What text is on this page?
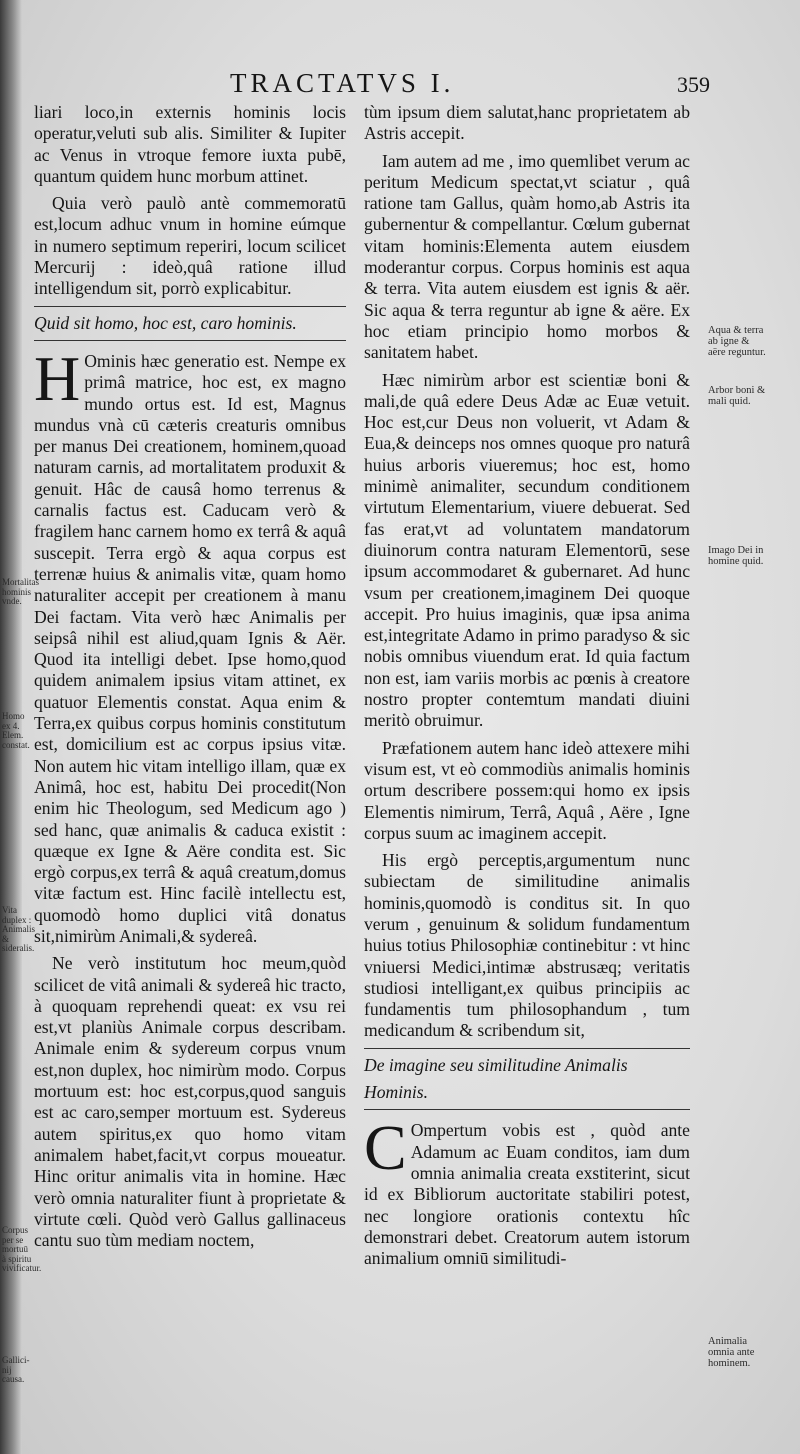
TRACTATVS I.	359

liari loco,in externis hominis locis operatur,veluti sub alis. Similiter & Iupiter ac Venus in vtroque femore iuxta pubē, quantum quidem hunc morbum attinet.

Quia verò paulò antè commemoratū est,locum adhuc vnum in homine eúmque in numero septimum reperiri, locum scilicet Mercurij : ideò,quâ ratione illud intelligendum sit, porrò explicabitur.

Quid sit homo, hoc est, caro hominis.

H Ominis hæc generatio est. Nempe ex primâ matrice, hoc est, ex magno mundo ortus est. Id est, Magnus mundus vnà cū cæteris creaturis omnibus per manus Dei creationem, hominem,quoad naturam carnis, ad mortalitatem produxit & genuit. Hâc de causâ homo terrenus & carnalis factus est. Caducam verò & fragilem hanc carnem homo ex terrâ & aquâ suscepit. Terra ergò & aqua corpus est terrenæ huius & animalis vitæ, quam homo naturaliter accepit per creationem à manu Dei factam. Vita verò hæc Animalis per seipsâ nihil est aliud,quam Ignis & Aër. Quod ita intelligi debet. Ipse homo,quod quidem animalem ipsius vitam attinet, ex quatuor Elementis constat. Aqua enim & Terra,ex quibus corpus hominis constitutum est, domicilium est ac corpus ipsius vitæ. Non autem hic vitam intelligo illam, quæ ex Animâ, hoc est, habitu Dei procedit(Non enim hic Theologum, sed Medicum ago ) sed hanc, quæ animalis & caduca existit : quæque ex Igne & Aëre condita est. Sic ergò corpus,ex terrâ & aquâ creatum,domus vitæ factum est. Hinc facilè intellectu est, quomodò homo duplici vitâ donatus sit,nimirùm Animali,& sydereâ.

Ne verò institutum hoc meum,quòd scilicet de vitâ animali & sydereâ hic tracto, à quoquam reprehendi queat: ex vsu rei est,vt planiùs Animale corpus describam. Animale enim & sydereum corpus vnum est,non duplex, hoc nimirùm modo. Corpus mortuum est: hoc est,corpus,quod sanguis est ac caro,semper mortuum est. Sydereus autem spiritus,ex quo homo vitam animalem habet,facit,vt corpus moueatur. Hinc oritur animalis vita in homine. Hæc verò omnia naturaliter fiunt à proprietate & virtute cœli. Quòd verò Gallus gallinaceus cantu suo tùm mediam noctem,

tùm ipsum diem salutat,hanc proprietatem ab Astris accepit.

Iam autem ad me , imo quemlibet verum ac peritum Medicum spectat,vt sciatur , quâ ratione tam Gallus, quàm homo,ab Astris ita gubernentur & compellantur. Cœlum gubernat vitam hominis:Elementa autem eiusdem moderantur corpus. Corpus hominis est aqua & terra. Vita autem eiusdem est ignis & aër. Sic aqua & terra reguntur ab igne & aëre. Ex hoc etiam principio homo morbos & sanitatem habet.

Hæc nimirùm arbor est scientiæ boni & mali,de quâ edere Deus Adæ ac Euæ vetuit. Hoc est,cur Deus non voluerit, vt Adam & Eua,& deinceps nos omnes quoque pro naturâ huius arboris viueremus; hoc est, homo minimè animaliter, secundum conditionem virtutum Elementarium, viuere debuerat. Sed fas erat,vt ad voluntatem mandatorum diuinorum contra naturam Elementorū, sese ipsum accommodaret & gubernaret. Ad hunc vsum per creationem,imaginem Dei quoque accepit. Pro huius imaginis, quæ ipsa anima est,integritate Adamo in primo paradyso & sic nobis omnibus viuendum erat. Id quia factum non est, iam variis morbis ac pœnis à creatore nostro propter contemtum mandati diuini meritò obruimur.

Præfationem autem hanc ideò attexere mihi visum est, vt eò commodiùs animalis hominis ortum describere possem:qui homo ex ipsis Elementis nimirum, Terrâ, Aquâ , Aëre , Igne corpus suum ac imaginem accepit.

His ergò perceptis,argumentum nunc subiectam de similitudine animalis hominis,quomodò is conditus sit. In quo verum , genuinum & solidum fundamentum huius totius Philosophiæ continebitur : vt hinc vniuersi Medici,intimæ abstrusæq; veritatis studiosi intelligant,ex quibus principiis ac fundamentis tum philosophandum , tum medicandum & scribendum sit,

De imagine seu similitudine Animalis

Hominis.

C Ompertum vobis est , quòd ante Adamum ac Euam conditos, iam dum omnia animalia creata exstiterint, sicut id ex Bibliorum auctoritate stabiliri potest, nec longiore orationis contextu hîc demonstrari debet. Creatorum autem istorum animalium omniū similitudi-

Mortalitas hominis vnde.
Homo ex 4. Elem. constat.
Vita duplex : Animalis & sideralis.
Corpus per se mortuū à spiritu vivificatur.
Gallici- nij causa.
Aqua & terra ab igne & aëre reguntur.
Arbor boni & mali quid.
Imago Dei in homine quid.
Animalia omnia ante hominem.
